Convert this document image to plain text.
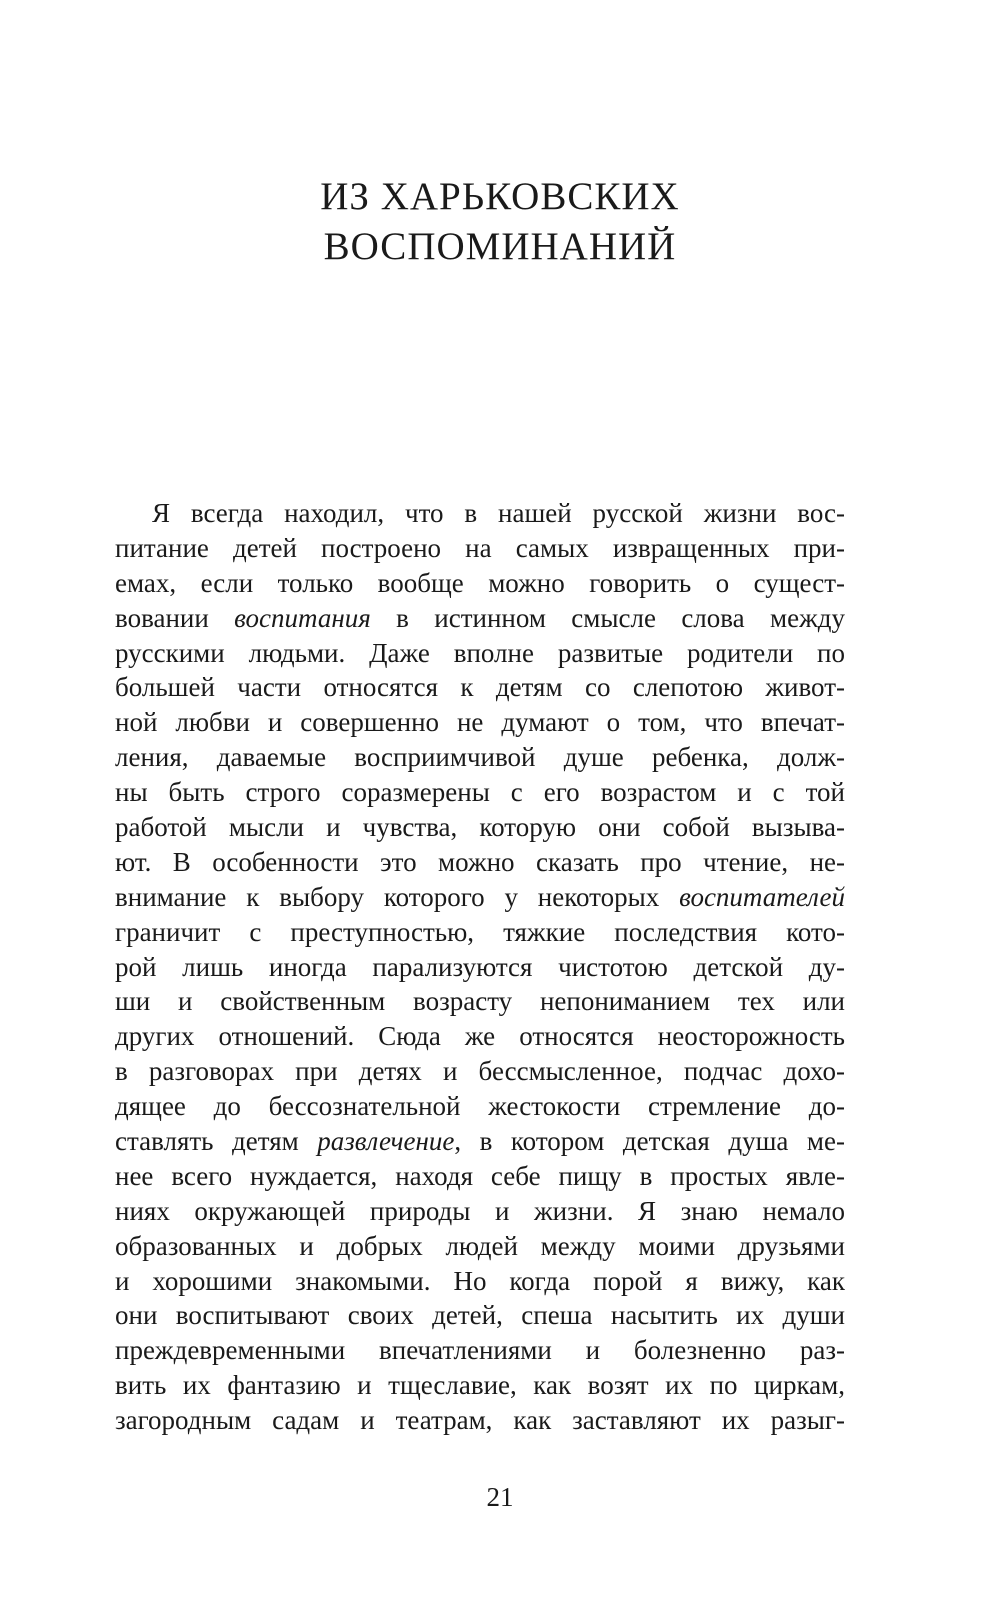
ИЗ ХАРЬКОВСКИХ
ВОСПОМИНАНИЙ
Я всегда находил, что в нашей русской жизни вос-
питание детей построено на самых извращенных при-
емах, если только вообще можно говорить о сущест-
вовании воспитания в истинном смысле слова между
русскими людьми. Даже вполне развитые родители по
большей части относятся к детям со слепотою живот-
ной любви и совершенно не думают о том, что впечат-
ления, даваемые восприимчивой душе ребенка, долж-
ны быть строго соразмерены с его возрастом и с той
работой мысли и чувства, которую они собой вызыва-
ют. В особенности это можно сказать про чтение, не-
внимание к выбору которого у некоторых воспитателей
граничит с преступностью, тяжкие последствия кото-
рой лишь иногда парализуются чистотою детской ду-
ши и свойственным возрасту непониманием тех или
других отношений. Сюда же относятся неосторожность
в разговорах при детях и бессмысленное, подчас дохо-
дящее до бессознательной жестокости стремление до-
ставлять детям развлечение, в котором детская душа ме-
нее всего нуждается, находя себе пищу в простых явле-
ниях окружающей природы и жизни. Я знаю немало
образованных и добрых людей между моими друзьями
и хорошими знакомыми. Но когда порой я вижу, как
они воспитывают своих детей, спеша насытить их души
преждевременными впечатлениями и болезненно раз-
вить их фантазию и тщеславие, как возят их по циркам,
загородным садам и театрам, как заставляют их разыг-
21
